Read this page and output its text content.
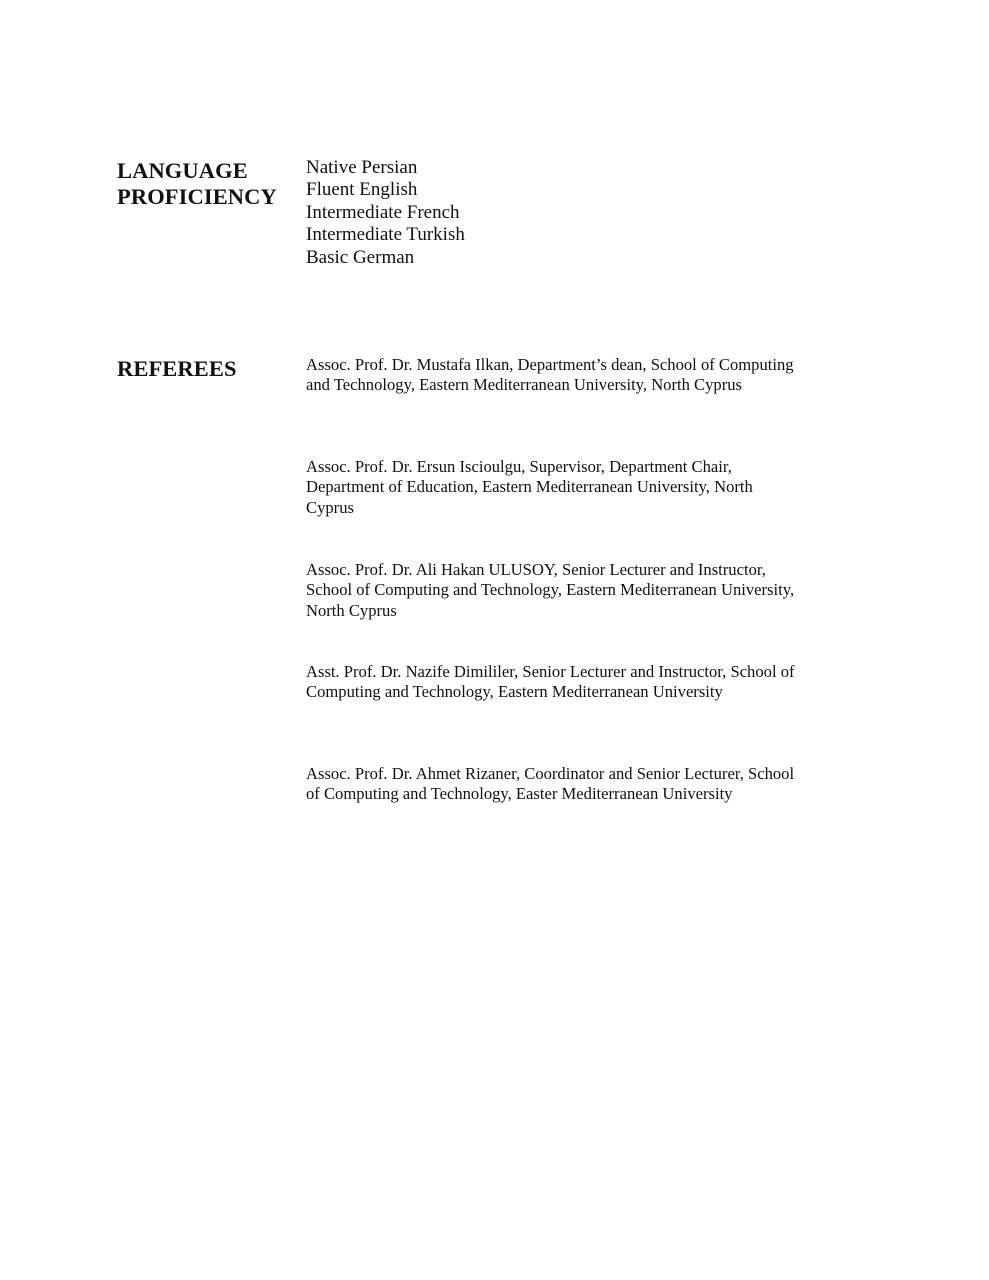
LANGUAGE
PROFICIENCY
Native Persian
Fluent English
Intermediate French
Intermediate Turkish
Basic German
REFEREES	Assoc. Prof. Dr. Mustafa Ilkan, Department’s dean, School of Computing and Technology, Eastern Mediterranean University, North Cyprus

Assoc. Prof. Dr. Ersun Iscioulgu, Supervisor, Department Chair, Department of Education, Eastern Mediterranean University, North Cyprus

Assoc. Prof. Dr. Ali Hakan ULUSOY, Senior Lecturer and Instructor, School of Computing and Technology, Eastern Mediterranean University, North Cyprus

Asst. Prof. Dr. Nazife Dimililer, Senior Lecturer and Instructor, School of Computing and Technology, Eastern Mediterranean University

Assoc. Prof. Dr. Ahmet Rizaner, Coordinator and Senior Lecturer, School of Computing and Technology, Easter Mediterranean University
